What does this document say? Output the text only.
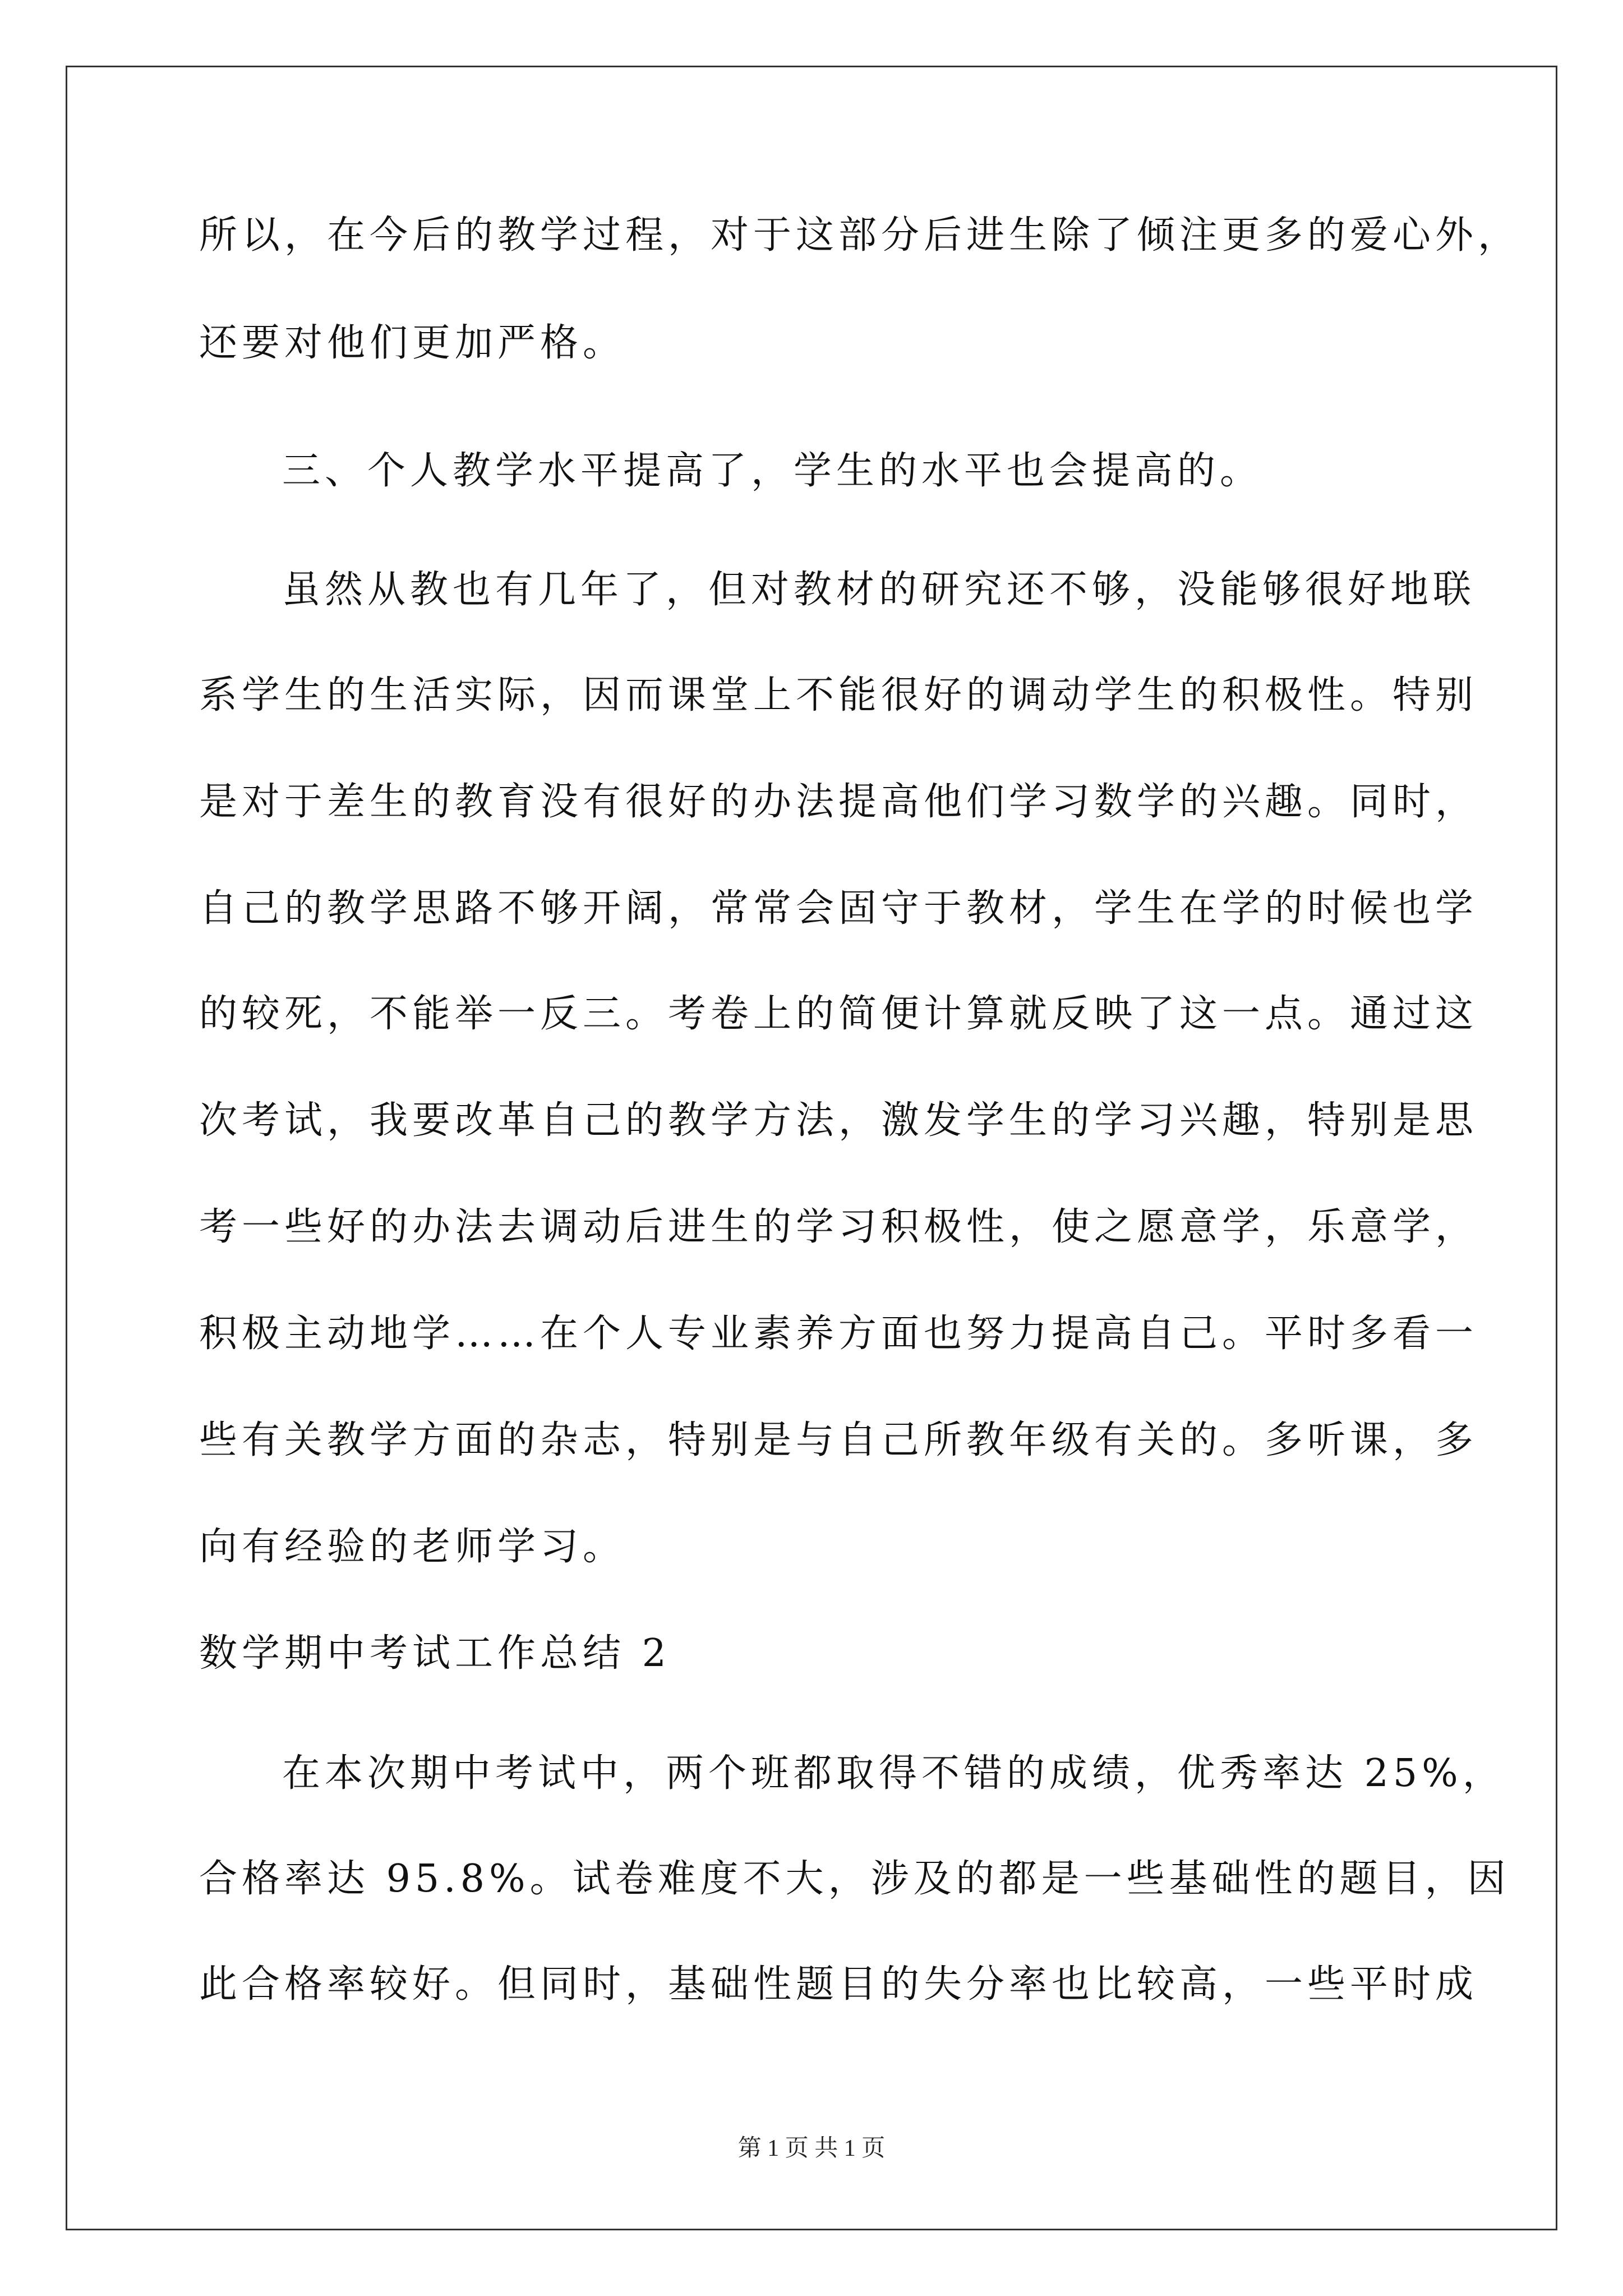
所以，在今后的教学过程，对于这部分后进生除了倾注更多的爱心外，
还要对他们更加严格。
三、个人教学水平提高了，学生的水平也会提高的。
虽然从教也有几年了，但对教材的研究还不够，没能够很好地联
系学生的生活实际，因而课堂上不能很好的调动学生的积极性。特别
是对于差生的教育没有很好的办法提高他们学习数学的兴趣。同时，
自己的教学思路不够开阔，常常会固守于教材，学生在学的时候也学
的较死，不能举一反三。考卷上的简便计算就反映了这一点。通过这
次考试，我要改革自己的教学方法，激发学生的学习兴趣，特别是思
考一些好的办法去调动后进生的学习积极性，使之愿意学，乐意学，
积极主动地学……在个人专业素养方面也努力提高自己。平时多看一
些有关教学方面的杂志，特别是与自己所教年级有关的。多听课，多
向有经验的老师学习。
数学期中考试工作总结 2
在本次期中考试中，两个班都取得不错的成绩，优秀率达 25%，
合格率达 95.8%。试卷难度不大，涉及的都是一些基础性的题目，因
此合格率较好。但同时，基础性题目的失分率也比较高，一些平时成
第 1 页 共 1 页
